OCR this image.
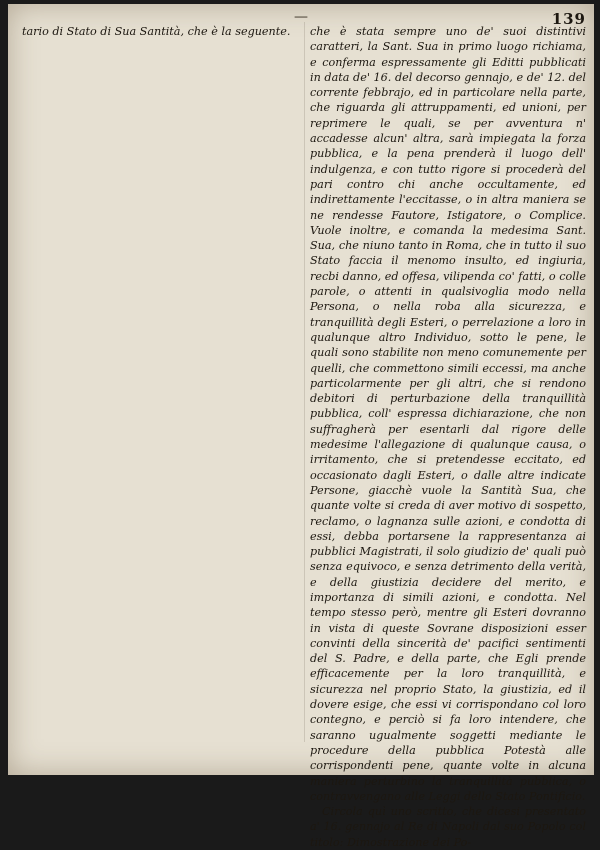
—	139

tario di Stato di Sua Santità, che è la seguente.	che è stata sempre uno de' suoi distintivi caratteri, la Sant. Sua in primo luogo richiama, e conferma espressamente gli Editti pubblicati in data de' 16. del decorso gennajo, e de' 12. del corrente febbrajo, ed in particolare nella parte, che riguarda gli attruppamenti, ed unioni, per reprimere le quali, se per avventura n' accadesse alcun' altra, sarà impiegata la forza pubblica, e la pena prenderà il luogo dell' indulgenza, e con tutto rigore si procederà del pari contro chi anche occultamente, ed indirettamente l'eccitasse, o in altra maniera se ne rendesse Fautore, Istigatore, o Complice. Vuole inoltre, e comanda la medesima Sant. Sua, che niuno tanto in Roma, che in tutto il suo Stato faccia il menomo insulto, ed ingiuria, recbi danno, ed offesa, vilipenda co' fatti, o colle parole, o attenti in qualsivoglia modo nella Persona, o nella roba alla sicurezza, e tranquillità degli Esteri, o perrelazione a loro in qualunque altro Individuo, sotto le pene, le quali sono stabilite non meno comunemente per quelli, che commettono simili eccessi, ma anche particolarmente per gli altri, che si rendono debitori di perturbazione della tranquillità pubblica, coll' espressa dichiarazione, che non suffragherà per esentarli dal rigore delle medesime l'allegazione di qualunque causa, o irritamento, che si pretendesse eccitato, ed occasionato dagli Esteri, o dalle altre indicate Persone, giacchè vuole la Santità Sua, che quante volte si creda di aver motivo di sospetto, reclamo, o lagnanza sulle azioni, e condotta di essi, debba portarsene la rappresentanza ai pubblici Magistrati, il solo giudizio de' quali può senza equivoco, e senza detrimento della verità, e della giustizia decidere del merito, e importanza di simili azioni, e condotta. Nel tempo stesso però, mentre gli Esteri dovranno in vista di queste Sovrane disposizioni esser convinti della sincerità de' pacifici sentimenti del S. Padre, e della parte, che Egli prende efficacemente per la loro tranquillità, e sicurezza nel proprio Stato, la giustizia, ed il dovere esige, che essi vi corrispondano col loro contegno, e perciò si fa loro intendere, che saranno ugualmente soggetti mediante le procedure della pubblica Potestà alle corrispondenti pene, quante volte in alcuna maniera perturbino la tranquillità pubblica, o contravvengano alle Leggi dello Stato Pontificio.

Circola quì uno scritto, che dicesi presentato a' 16. gennajo al Re di Napoli dal suo Popolo col titolo: Dimostrazione dei Po-
